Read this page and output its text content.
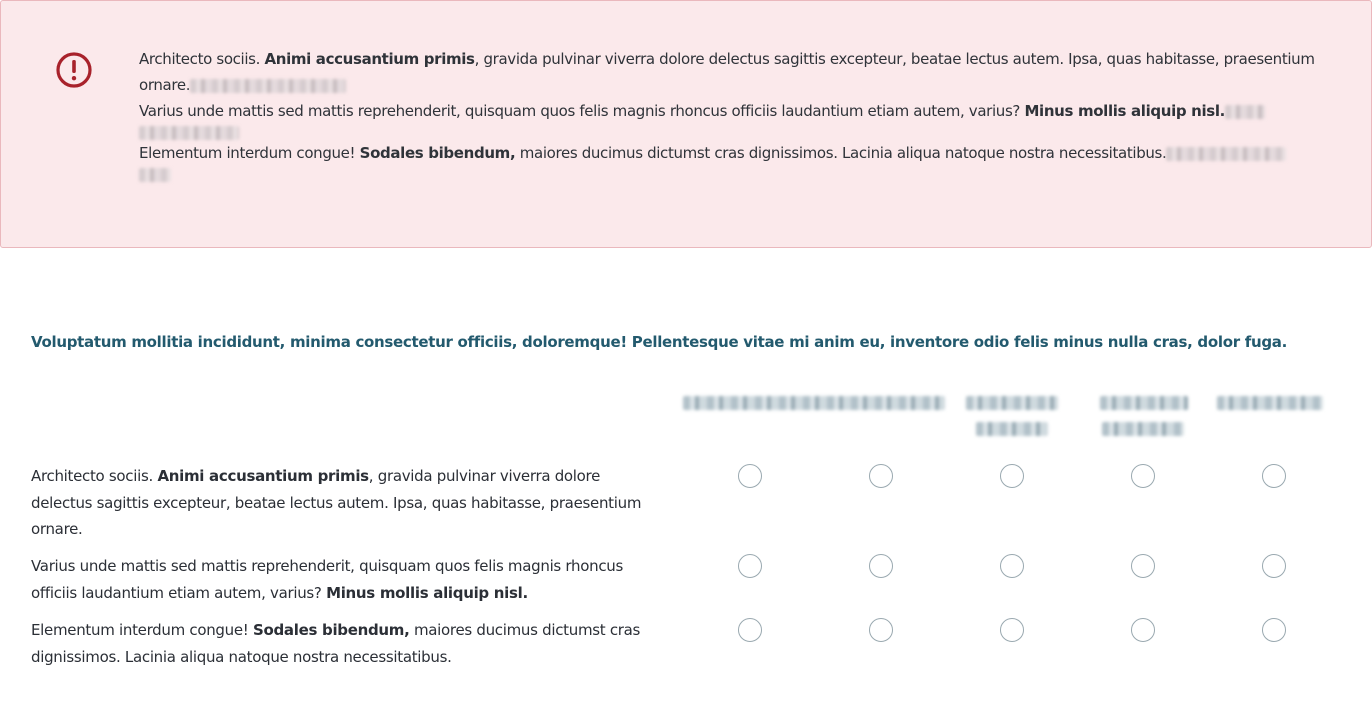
Architecto sociis. Animi accusantium primis, gravida pulvinar viverra dolore delectus sagittis excepteur, beatae lectus autem. Ipsa, quas habitasse, praesentium ornare.
Varius unde mattis sed mattis reprehenderit, quisquam quos felis magnis rhoncus officiis laudantium etiam autem, varius? Minus mollis aliquip nisl.
Elementum interdum congue! Sodales bibendum, maiores ducimus dictumst cras dignissimos. Lacinia aliqua natoque nostra necessitatibus.
Voluptatum mollitia incididunt, minima consectetur officiis, doloremque! Pellentesque vitae mi anim eu, inventore odio felis minus nulla cras, dolor fuga.
Architecto sociis. Animi accusantium primis, gravida pulvinar viverra dolore delectus sagittis excepteur, beatae lectus autem. Ipsa, quas habitasse, praesentium ornare.
Varius unde mattis sed mattis reprehenderit, quisquam quos felis magnis rhoncus officiis laudantium etiam autem, varius? Minus mollis aliquip nisl.
Elementum interdum congue! Sodales bibendum, maiores ducimus dictumst cras dignissimos. Lacinia aliqua natoque nostra necessitatibus.
